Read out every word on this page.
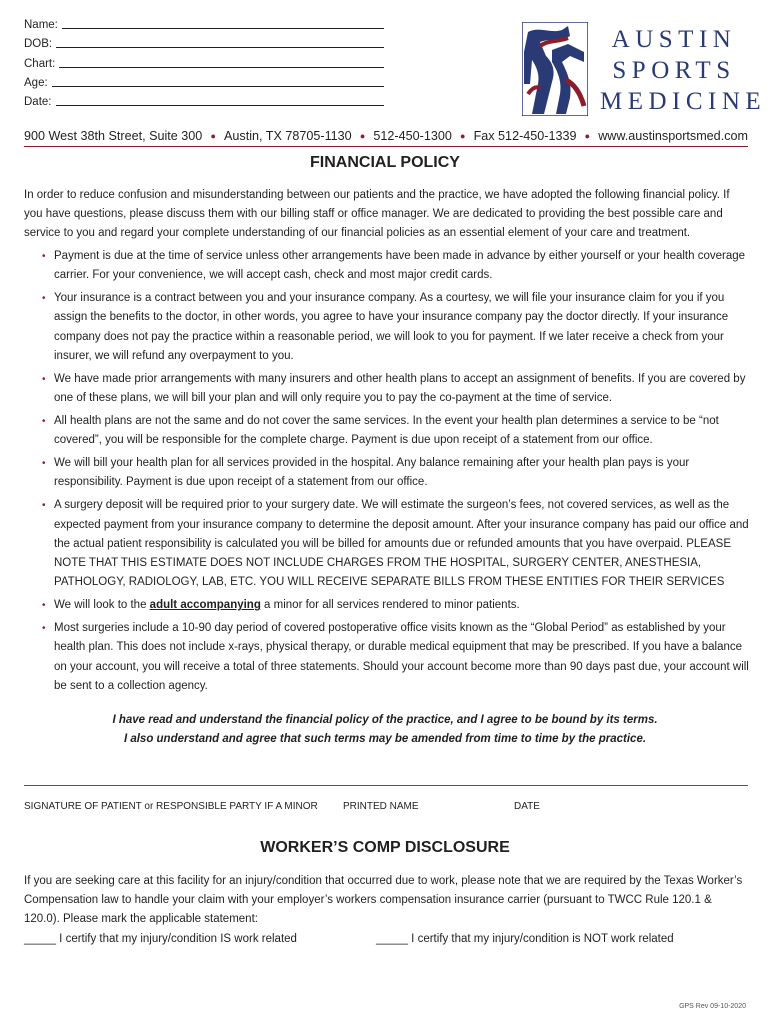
Name:
DOB:
Chart:
Age:
Date:
AUSTIN
SPORTS
MEDICINE
900 West 38th Street, Suite 300 ● Austin, TX 78705-1130 ● 512-450-1300 ● Fax 512-450-1339 ● www.austinsportsmed.com
FINANCIAL POLICY
In order to reduce confusion and misunderstanding between our patients and the practice, we have adopted the following financial policy. If you have questions, please discuss them with our billing staff or office manager. We are dedicated to providing the best possible care and service to you and regard your complete understanding of our financial policies as an essential element of your care and treatment.
• Payment is due at the time of service unless other arrangements have been made in advance by either yourself or your health coverage carrier. For your convenience, we will accept cash, check and most major credit cards.
• Your insurance is a contract between you and your insurance company. As a courtesy, we will file your insurance claim for you if you assign the benefits to the doctor, in other words, you agree to have your insurance company pay the doctor directly. If your insurance company does not pay the practice within a reasonable period, we will look to you for payment. If we later receive a check from your insurer, we will refund any overpayment to you.
• We have made prior arrangements with many insurers and other health plans to accept an assignment of benefits. If you are covered by one of these plans, we will bill your plan and will only require you to pay the co-payment at the time of service.
• All health plans are not the same and do not cover the same services. In the event your health plan determines a service to be “not covered”, you will be responsible for the complete charge. Payment is due upon receipt of a statement from our office.
• We will bill your health plan for all services provided in the hospital. Any balance remaining after your health plan pays is your responsibility. Payment is due upon receipt of a statement from our office.
• A surgery deposit will be required prior to your surgery date. We will estimate the surgeon’s fees, not covered services, as well as the expected payment from your insurance company to determine the deposit amount. After your insurance company has paid our office and the actual patient responsibility is calculated you will be billed for amounts due or refunded amounts that you have overpaid. PLEASE NOTE THAT THIS ESTIMATE DOES NOT INCLUDE CHARGES FROM THE HOSPITAL, SURGERY CENTER, ANESTHESIA, PATHOLOGY, RADIOLOGY, LAB, ETC. YOU WILL RECEIVE SEPARATE BILLS FROM THESE ENTITIES FOR THEIR SERVICES
• We will look to the adult accompanying a minor for all services rendered to minor patients.
• Most surgeries include a 10-90 day period of covered postoperative office visits known as the “Global Period” as established by your health plan. This does not include x-rays, physical therapy, or durable medical equipment that may be prescribed. If you have a balance on your account, you will receive a total of three statements. Should your account become more than 90 days past due, your account will be sent to a collection agency.
I have read and understand the financial policy of the practice, and I agree to be bound by its terms.
I also understand and agree that such terms may be amended from time to time by the practice.
SIGNATURE OF PATIENT or RESPONSIBLE PARTY IF A MINOR	PRINTED NAME	DATE
WORKER’S COMP DISCLOSURE
If you are seeking care at this facility for an injury/condition that occurred due to work, please note that we are required by the Texas Worker’s Compensation law to handle your claim with your employer’s workers compensation insurance carrier (pursuant to TWCC Rule 120.1 & 120.0). Please mark the applicable statement:
_____ I certify that my injury/condition IS work related	_____ I certify that my injury/condition is NOT work related
GPS Rev 09-10-2020
